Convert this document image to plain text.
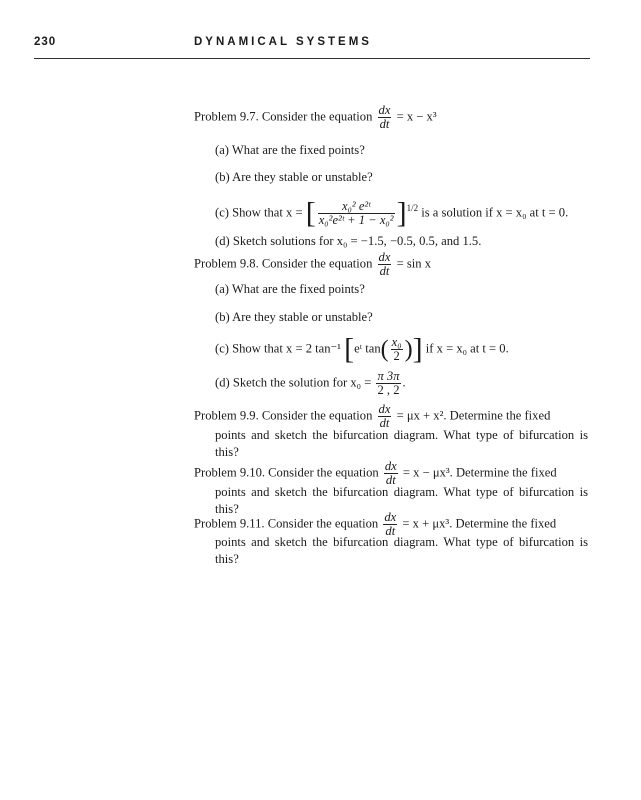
230	DYNAMICAL SYSTEMS
Problem 9.7. Consider the equation $\frac{dx}{dt} = x - x^3$
(a) What are the fixed points?
(b) Are they stable or unstable?
(c) Show that x = [ $\frac{\text{x₀² e²ᵗ}}{\text{x₀²e²ᵗ + 1 − x₀²}} ]^{1/2}$ is a solution if x = x₀ at t = 0.
(d) Sketch solutions for x₀ = −1.5, −0.5, 0.5, and 1.5.
Problem 9.8. Consider the equation $\frac{dx}{dt} = \sin x$
(a) What are the fixed points?
(b) Are they stable or unstable?
(c) Show that x = 2 tan⁻¹ [eᵗ $\tan( \frac{\text{x₀}}{2}$ )] if x = x₀ at t = 0.
(d) Sketch the solution for $x_0 = \frac{\pi 3\pi}{2 , 2}$ .
Problem 9.9. Consider the equation $\frac{dx}{dt} = \mu x + x^2$. Determine the fixed
points and sketch the bifurcation diagram. What type of bifurcation is this?
Problem 9.10. Consider the equation $\frac{dx}{dt} = x - \mu x^3$. Determine the fixed
points and sketch the bifurcation diagram. What type of bifurcation is this?
Problem 9.11. Consider the equation $\frac{dx}{dt} = x + \mu x^3$. Determine the fixed
points and sketch the bifurcation diagram. What type of bifurcation is this?
